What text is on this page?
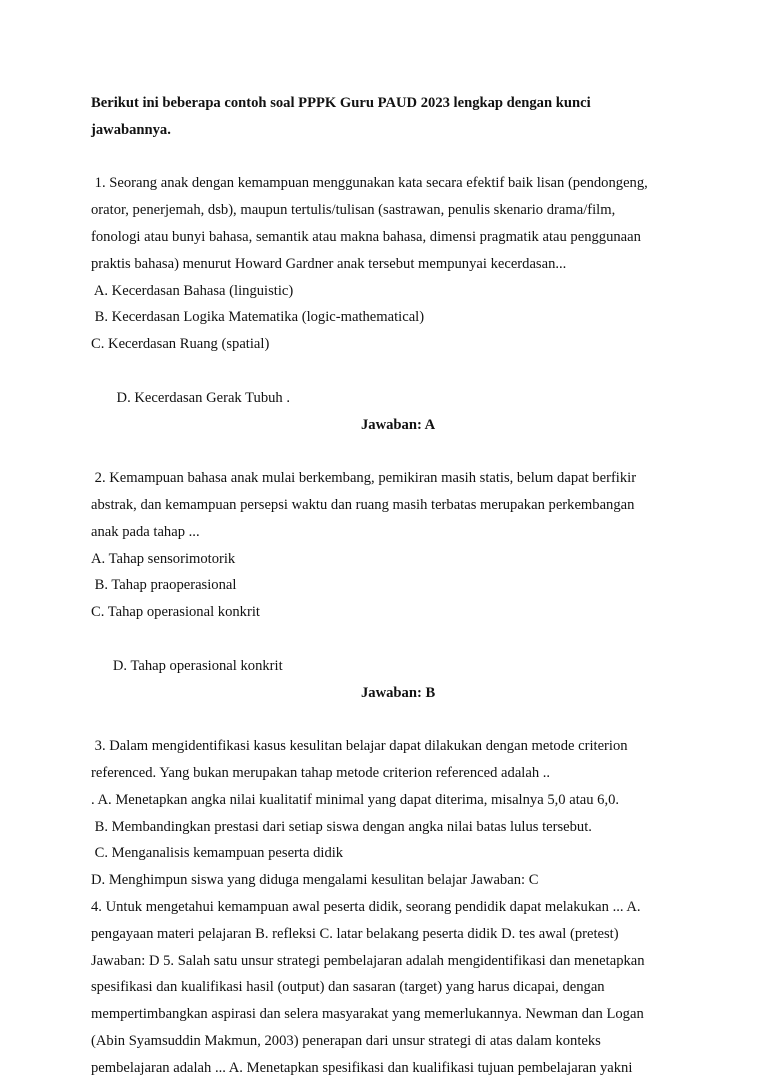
Berikut ini beberapa contoh soal PPPK Guru PAUD 2023 lengkap dengan kunci
jawabannya.
1. Seorang anak dengan kemampuan menggunakan kata secara efektif baik lisan (pendongeng,
orator, penerjemah, dsb), maupun tertulis/tulisan (sastrawan, penulis skenario drama/film,
fonologi atau bunyi bahasa, semantik atau makna bahasa, dimensi pragmatik atau penggunaan
praktis bahasa) menurut Howard Gardner anak tersebut mempunyai kecerdasan...
A. Kecerdasan Bahasa (linguistic)
B. Kecerdasan Logika Matematika (logic-mathematical)
C. Kecerdasan Ruang (spatial)

D. Kecerdasan Gerak Tubuh .

Jawaban: A

2. Kemampuan bahasa anak mulai berkembang, pemikiran masih statis, belum dapat berfikir
abstrak, dan kemampuan persepsi waktu dan ruang masih terbatas merupakan perkembangan
anak pada tahap ...
A. Tahap sensorimotorik
B. Tahap praoperasional
C. Tahap operasional konkrit

D. Tahap operasional konkrit

Jawaban: B

3. Dalam mengidentifikasi kasus kesulitan belajar dapat dilakukan dengan metode criterion
referenced. Yang bukan merupakan tahap metode criterion referenced adalah ..
. A. Menetapkan angka nilai kualitatif minimal yang dapat diterima, misalnya 5,0 atau 6,0.
B. Membandingkan prestasi dari setiap siswa dengan angka nilai batas lulus tersebut.
C. Menganalisis kemampuan peserta didik
D. Menghimpun siswa yang diduga mengalami kesulitan belajar Jawaban: C
4. Untuk mengetahui kemampuan awal peserta didik, seorang pendidik dapat melakukan ... A.
pengayaan materi pelajaran B. refleksi C. latar belakang peserta didik D. tes awal (pretest)
Jawaban: D 5. Salah satu unsur strategi pembelajaran adalah mengidentifikasi dan menetapkan
spesifikasi dan kualifikasi hasil (output) dan sasaran (target) yang harus dicapai, dengan
mempertimbangkan aspirasi dan selera masyarakat yang memerlukannya. Newman dan Logan
(Abin Syamsuddin Makmun, 2003) penerapan dari unsur strategi di atas dalam konteks
pembelajaran adalah ... A. Menetapkan spesifikasi dan kualifikasi tujuan pembelajaran yakni
